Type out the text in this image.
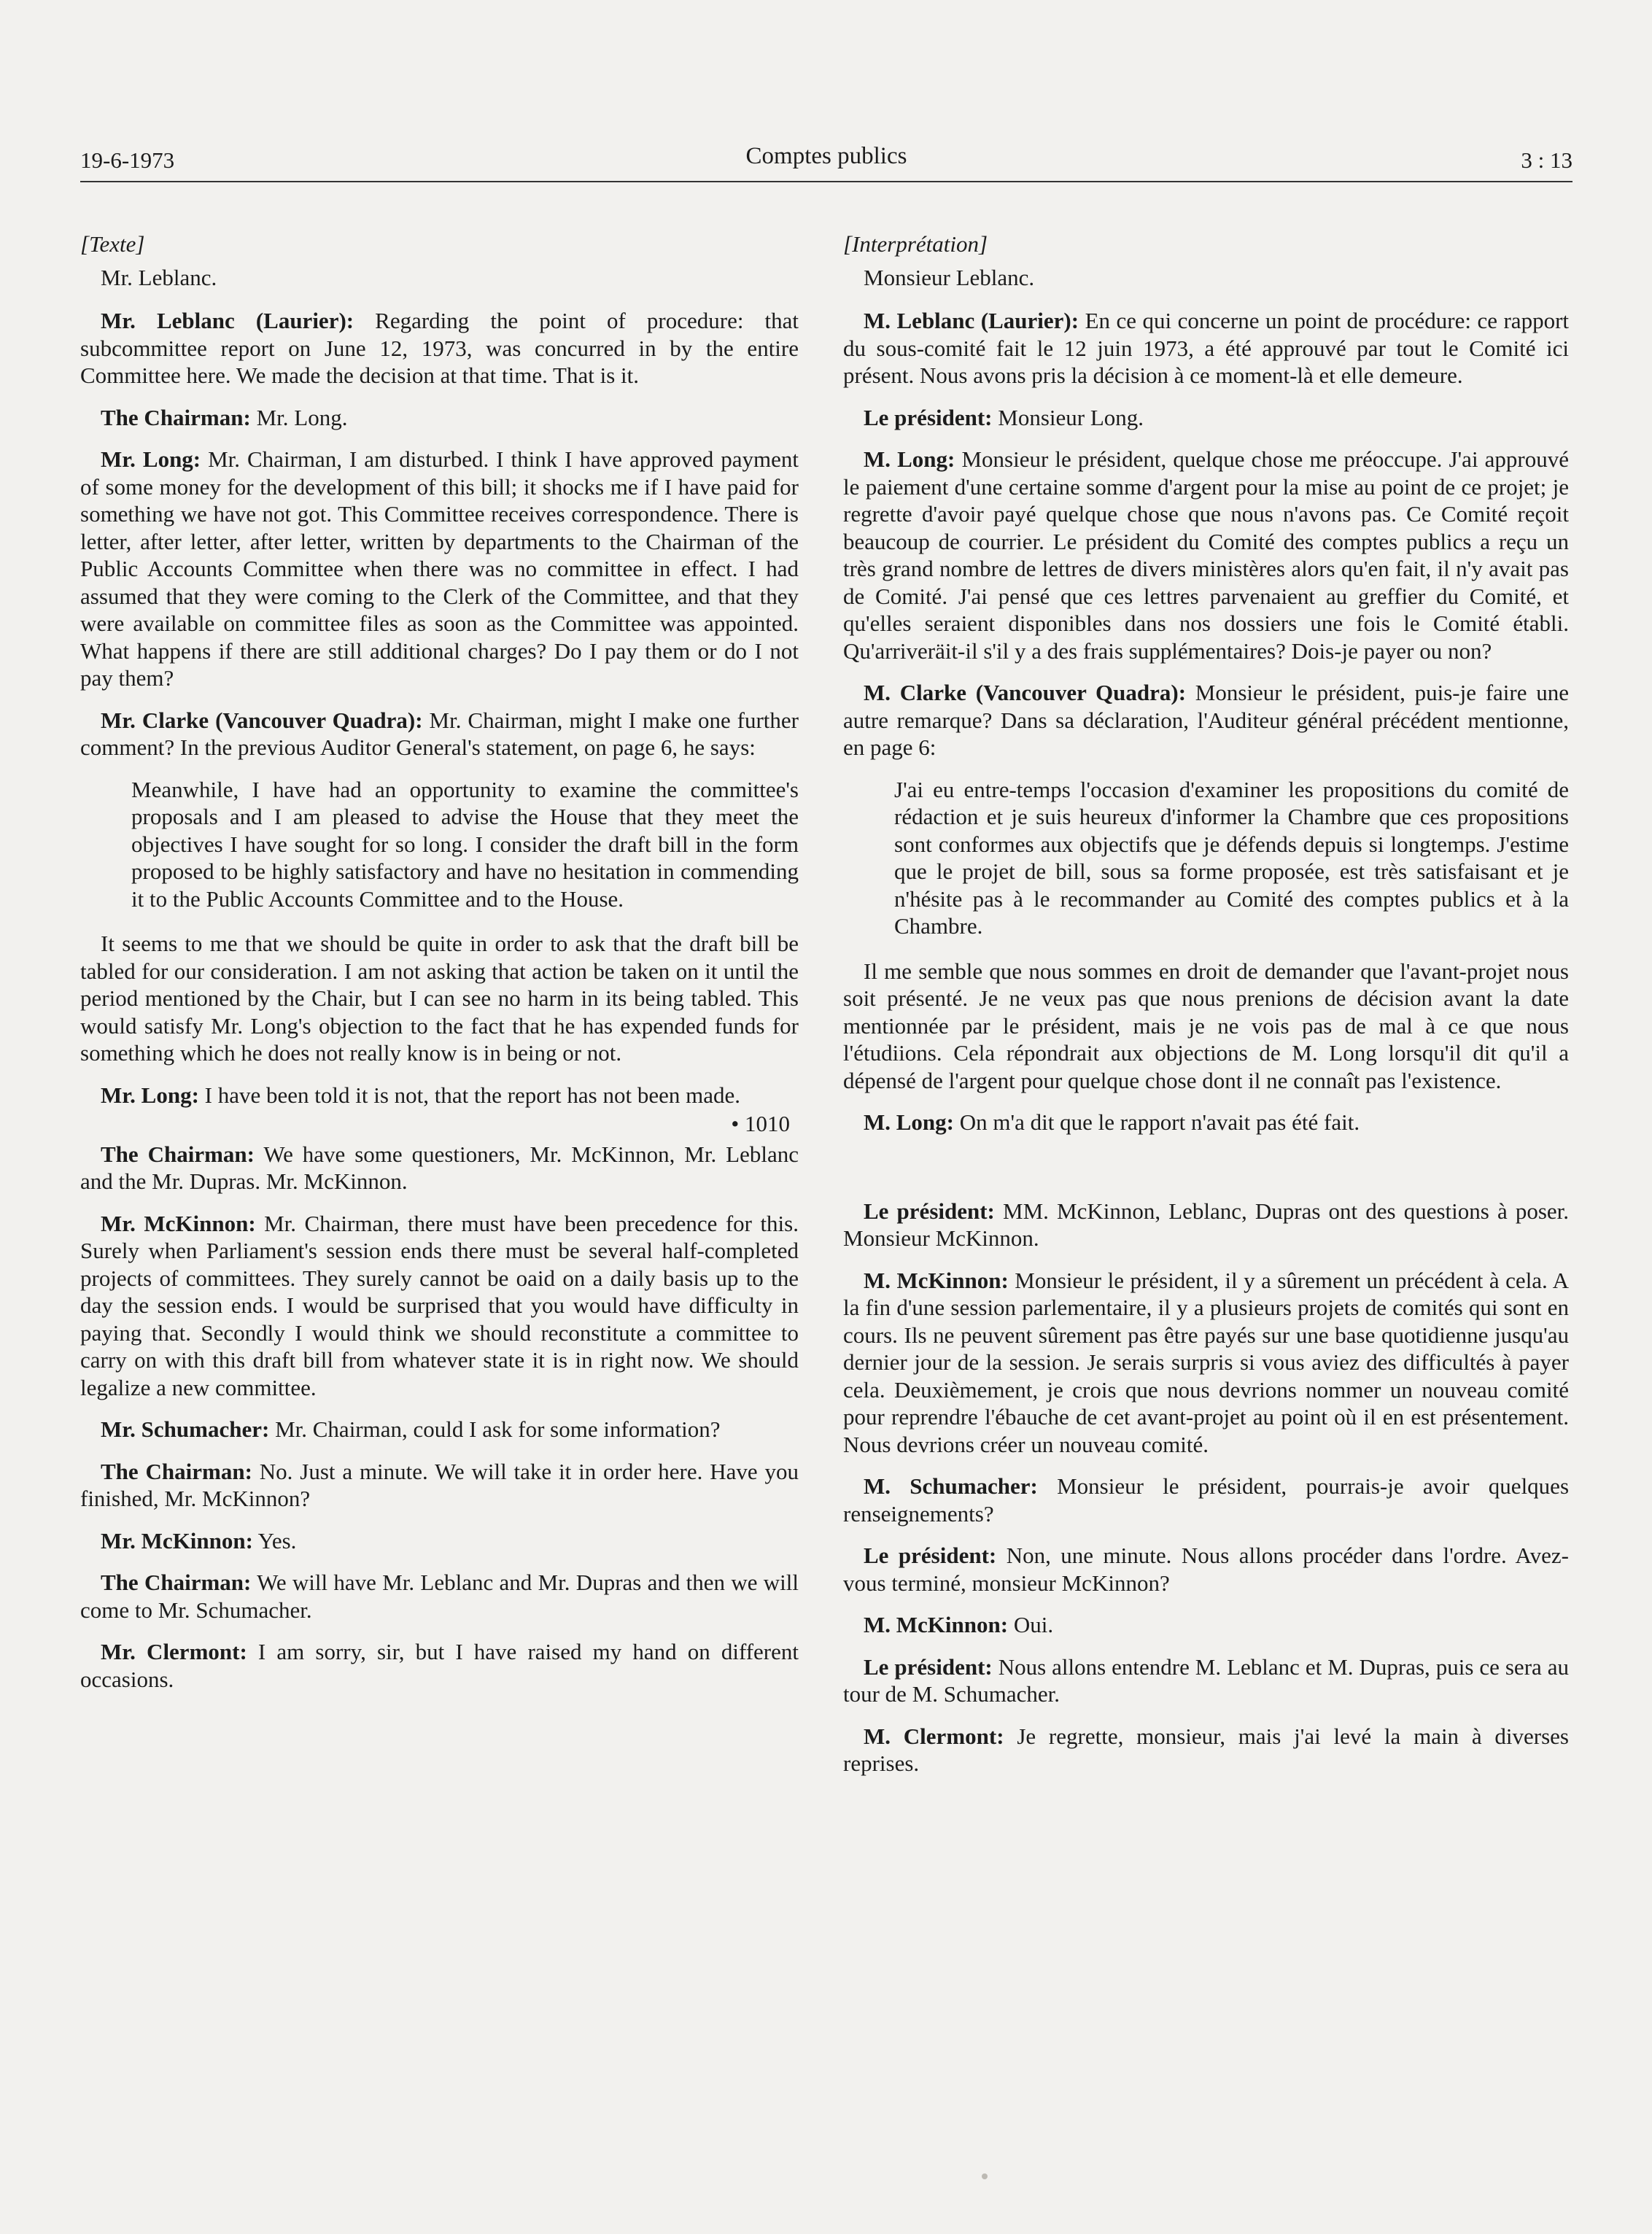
19-6-1973	Comptes publics	3 : 13
[Texte]

Mr. Leblanc.

Mr. Leblanc (Laurier): Regarding the point of procedure: that subcommittee report on June 12, 1973, was concurred in by the entire Committee here. We made the decision at that time. That is it.

The Chairman: Mr. Long.

Mr. Long: Mr. Chairman, I am disturbed. I think I have approved payment of some money for the development of this bill; it shocks me if I have paid for something we have not got. This Committee receives correspondence. There is letter, after letter, after letter, written by departments to the Chairman of the Public Accounts Committee when there was no committee in effect. I had assumed that they were coming to the Clerk of the Committee, and that they were available on committee files as soon as the Committee was appointed. What happens if there are still additional charges? Do I pay them or do I not pay them?

Mr. Clarke (Vancouver Quadra): Mr. Chairman, might I make one further comment? In the previous Auditor General's statement, on page 6, he says:

Meanwhile, I have had an opportunity to examine the committee's proposals and I am pleased to advise the House that they meet the objectives I have sought for so long. I consider the draft bill in the form proposed to be highly satisfactory and have no hesitation in commending it to the Public Accounts Committee and to the House.

It seems to me that we should be quite in order to ask that the draft bill be tabled for our consideration. I am not asking that action be taken on it until the period mentioned by the Chair, but I can see no harm in its being tabled. This would satisfy Mr. Long's objection to the fact that he has expended funds for something which he does not really know is in being or not.

Mr. Long: I have been told it is not, that the report has not been made.

• 1010

The Chairman: We have some questioners, Mr. McKinnon, Mr. Leblanc and the Mr. Dupras. Mr. McKinnon.

Mr. McKinnon: Mr. Chairman, there must have been precedence for this. Surely when Parliament's session ends there must be several half-completed projects of committees. They surely cannot be oaid on a daily basis up to the day the session ends. I would be surprised that you would have difficulty in paying that. Secondly I would think we should reconstitute a committee to carry on with this draft bill from whatever state it is in right now. We should legalize a new committee.

Mr. Schumacher: Mr. Chairman, could I ask for some information?

The Chairman: No. Just a minute. We will take it in order here. Have you finished, Mr. McKinnon?

Mr. McKinnon: Yes.

The Chairman: We will have Mr. Leblanc and Mr. Dupras and then we will come to Mr. Schumacher.

Mr. Clermont: I am sorry, sir, but I have raised my hand on different occasions.

[Interprétation]

Monsieur Leblanc.

M. Leblanc (Laurier): En ce qui concerne un point de procédure: ce rapport du sous-comité fait le 12 juin 1973, a été approuvé par tout le Comité ici présent. Nous avons pris la décision à ce moment-là et elle demeure.

Le président: Monsieur Long.

M. Long: Monsieur le président, quelque chose me préoccupe. J'ai approuvé le paiement d'une certaine somme d'argent pour la mise au point de ce projet; je regrette d'avoir payé quelque chose que nous n'avons pas. Ce Comité reçoit beaucoup de courrier. Le président du Comité des comptes publics a reçu un très grand nombre de lettres de divers ministères alors qu'en fait, il n'y avait pas de Comité. J'ai pensé que ces lettres parvenaient au greffier du Comité, et qu'elles seraient disponibles dans nos dossiers une fois le Comité établi. Qu'arriveräit-il s'il y a des frais supplémentaires? Dois-je payer ou non?

M. Clarke (Vancouver Quadra): Monsieur le président, puis-je faire une autre remarque? Dans sa déclaration, l'Auditeur général précédent mentionne, en page 6:

J'ai eu entre-temps l'occasion d'examiner les propositions du comité de rédaction et je suis heureux d'informer la Chambre que ces propositions sont conformes aux objectifs que je défends depuis si longtemps. J'estime que le projet de bill, sous sa forme proposée, est très satisfaisant et je n'hésite pas à le recommander au Comité des comptes publics et à la Chambre.

Il me semble que nous sommes en droit de demander que l'avant-projet nous soit présenté. Je ne veux pas que nous prenions de décision avant la date mentionnée par le président, mais je ne vois pas de mal à ce que nous l'étudiions. Cela répondrait aux objections de M. Long lorsqu'il dit qu'il a dépensé de l'argent pour quelque chose dont il ne connaît pas l'existence.

M. Long: On m'a dit que le rapport n'avait pas été fait.

Le président: MM. McKinnon, Leblanc, Dupras ont des questions à poser. Monsieur McKinnon.

M. McKinnon: Monsieur le président, il y a sûrement un précédent à cela. A la fin d'une session parlementaire, il y a plusieurs projets de comités qui sont en cours. Ils ne peuvent sûrement pas être payés sur une base quotidienne jusqu'au dernier jour de la session. Je serais surpris si vous aviez des difficultés à payer cela. Deuxièmement, je crois que nous devrions nommer un nouveau comité pour reprendre l'ébauche de cet avant-projet au point où il en est présentement. Nous devrions créer un nouveau comité.

M. Schumacher: Monsieur le président, pourrais-je avoir quelques renseignements?

Le président: Non, une minute. Nous allons procéder dans l'ordre. Avez-vous terminé, monsieur McKinnon?

M. McKinnon: Oui.

Le président: Nous allons entendre M. Leblanc et M. Dupras, puis ce sera au tour de M. Schumacher.

M. Clermont: Je regrette, monsieur, mais j'ai levé la main à diverses reprises.
